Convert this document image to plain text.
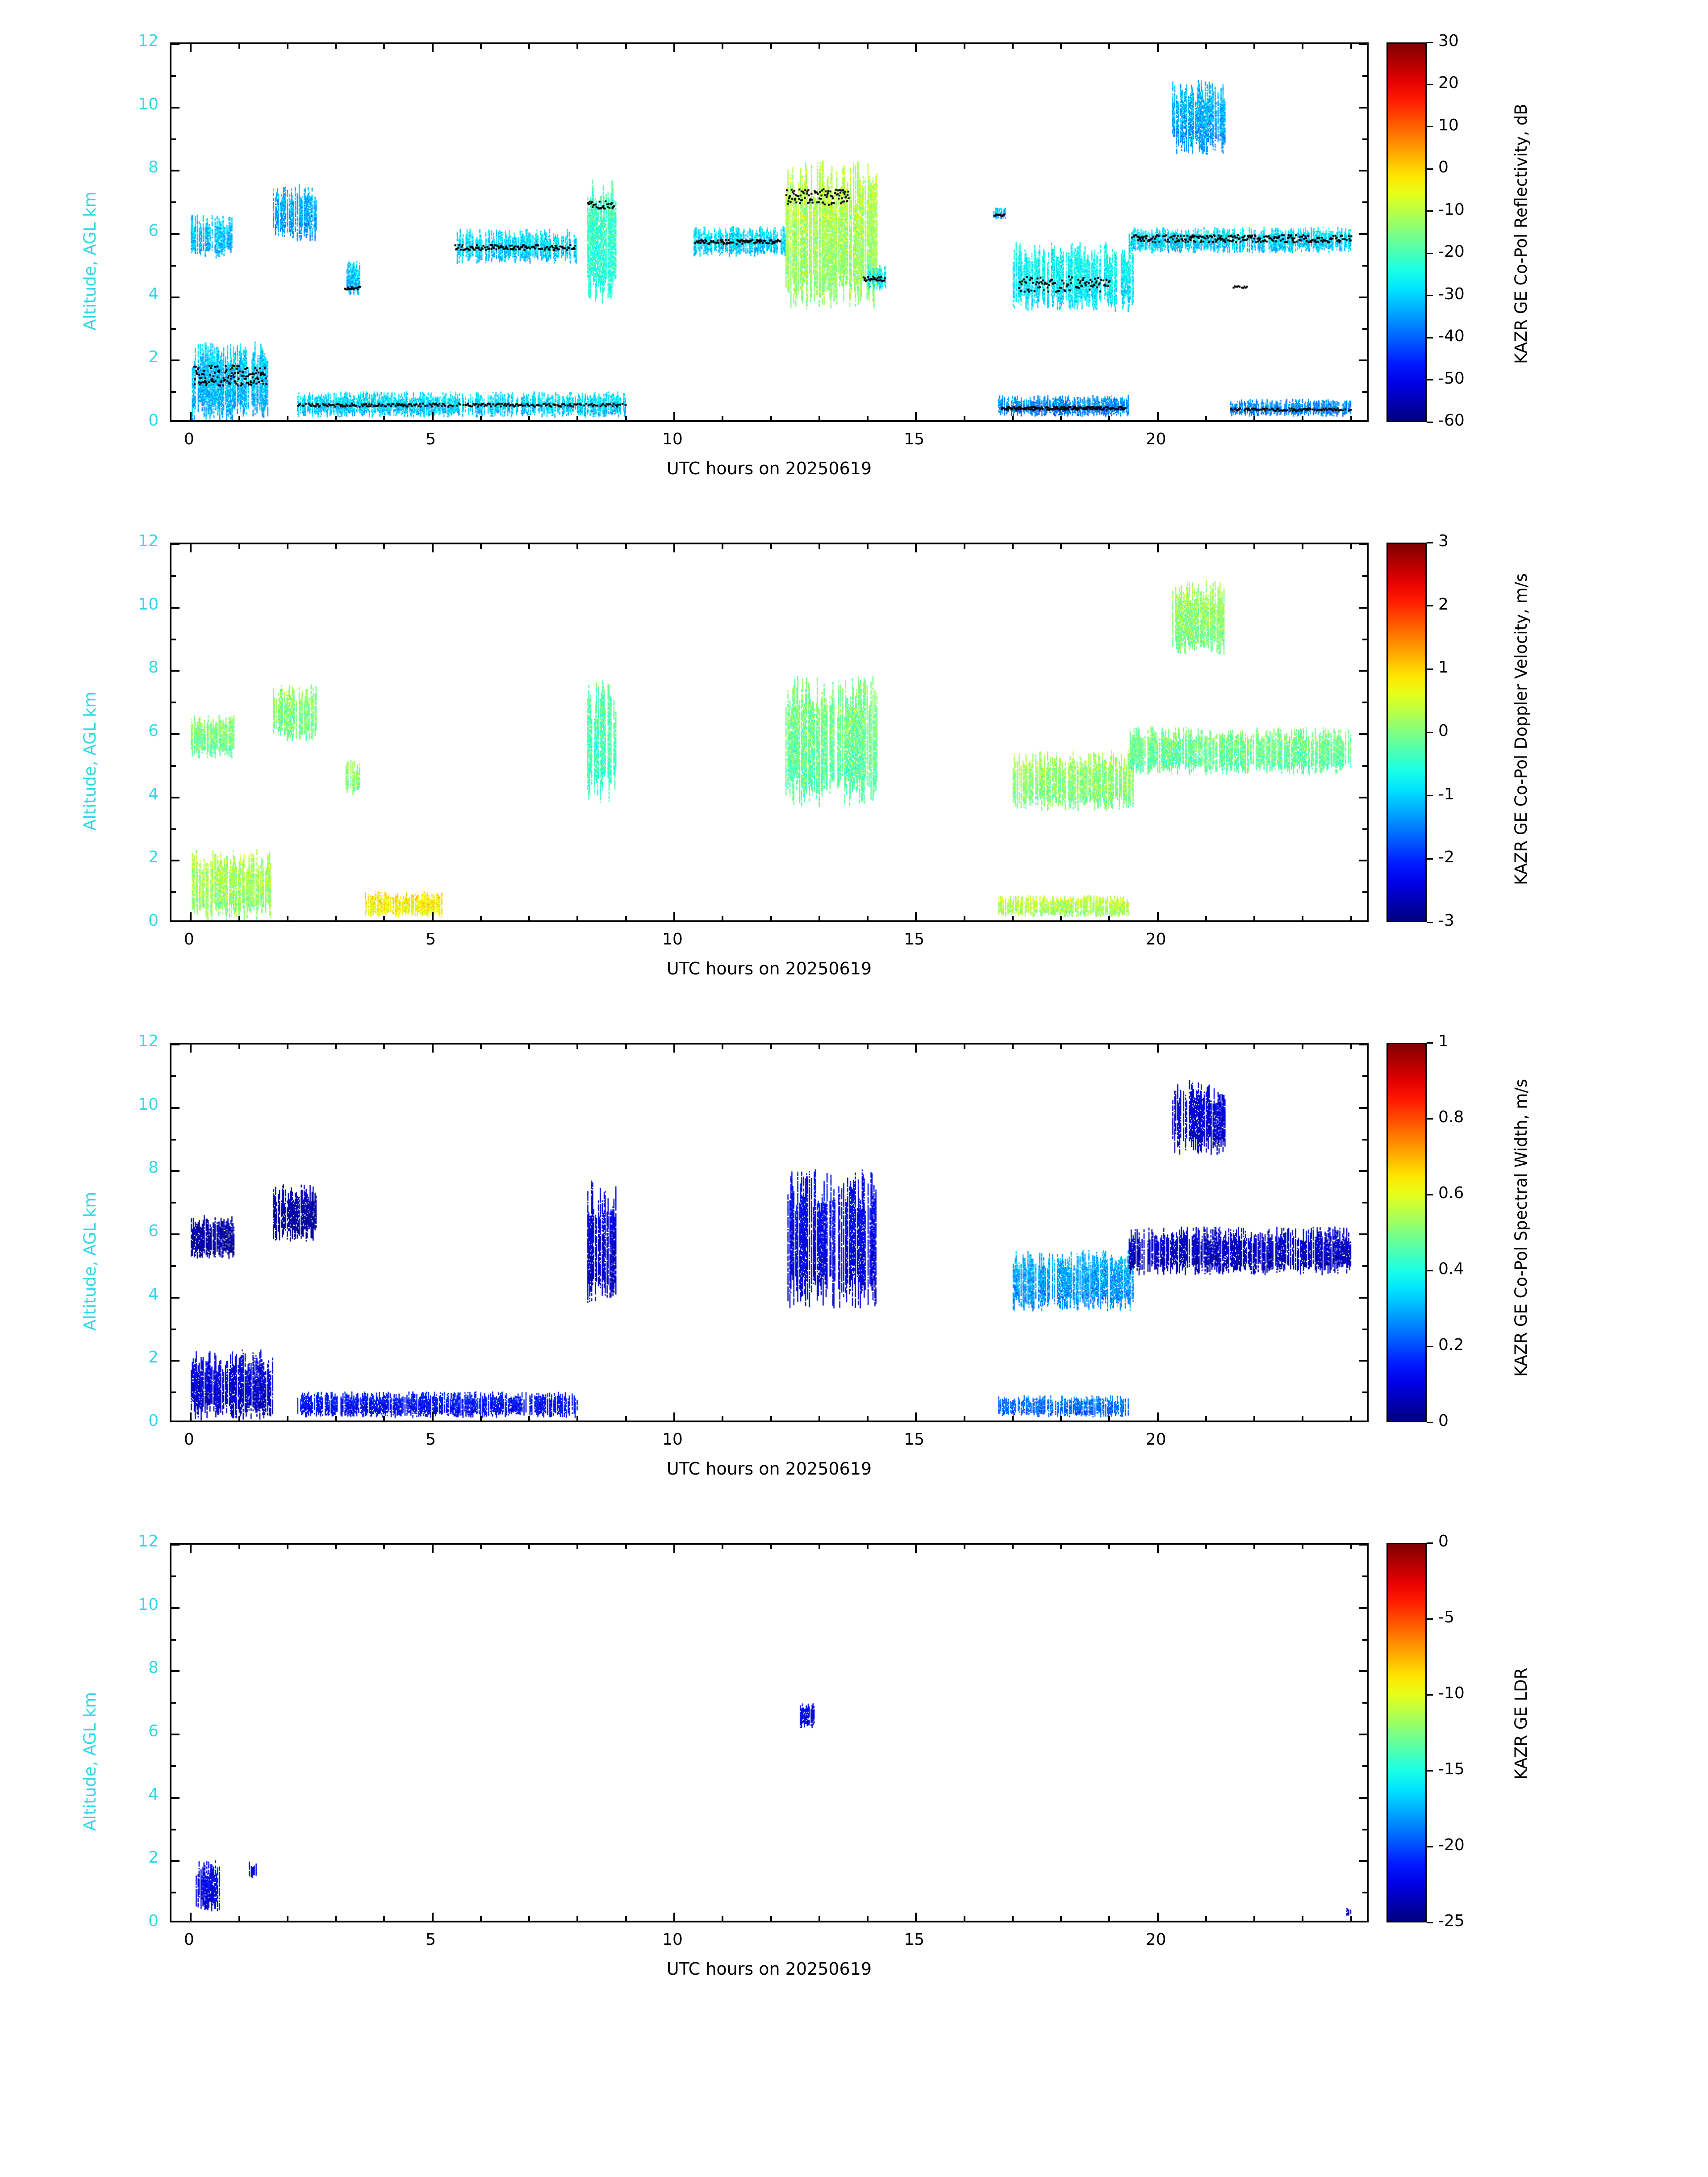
0	5	10	15	20
0
2
4
6
8
10
12
UTC hours on 20250619
Altitude, AGL km
-60
-50
-40
-30
-20
-10
0
10
20
30
KAZR GE Co-Pol Reflectivity, dB
0	5	10	15	20
0
2
4
6
8
10
12
UTC hours on 20250619
Altitude, AGL km
-3
-2
-1
0
1
2
3
KAZR GE Co-Pol Doppler Velocity, m/s
0	5	10	15	20
0
2
4
6
8
10
12
UTC hours on 20250619
Altitude, AGL km
0
0.2
0.4
0.6
0.8
1
KAZR GE Co-Pol Spectral Width, m/s
0	5	10	15	20
0
2
4
6
8
10
12
UTC hours on 20250619
Altitude, AGL km
-25
-20
-15
-10
-5
0
KAZR GE LDR
